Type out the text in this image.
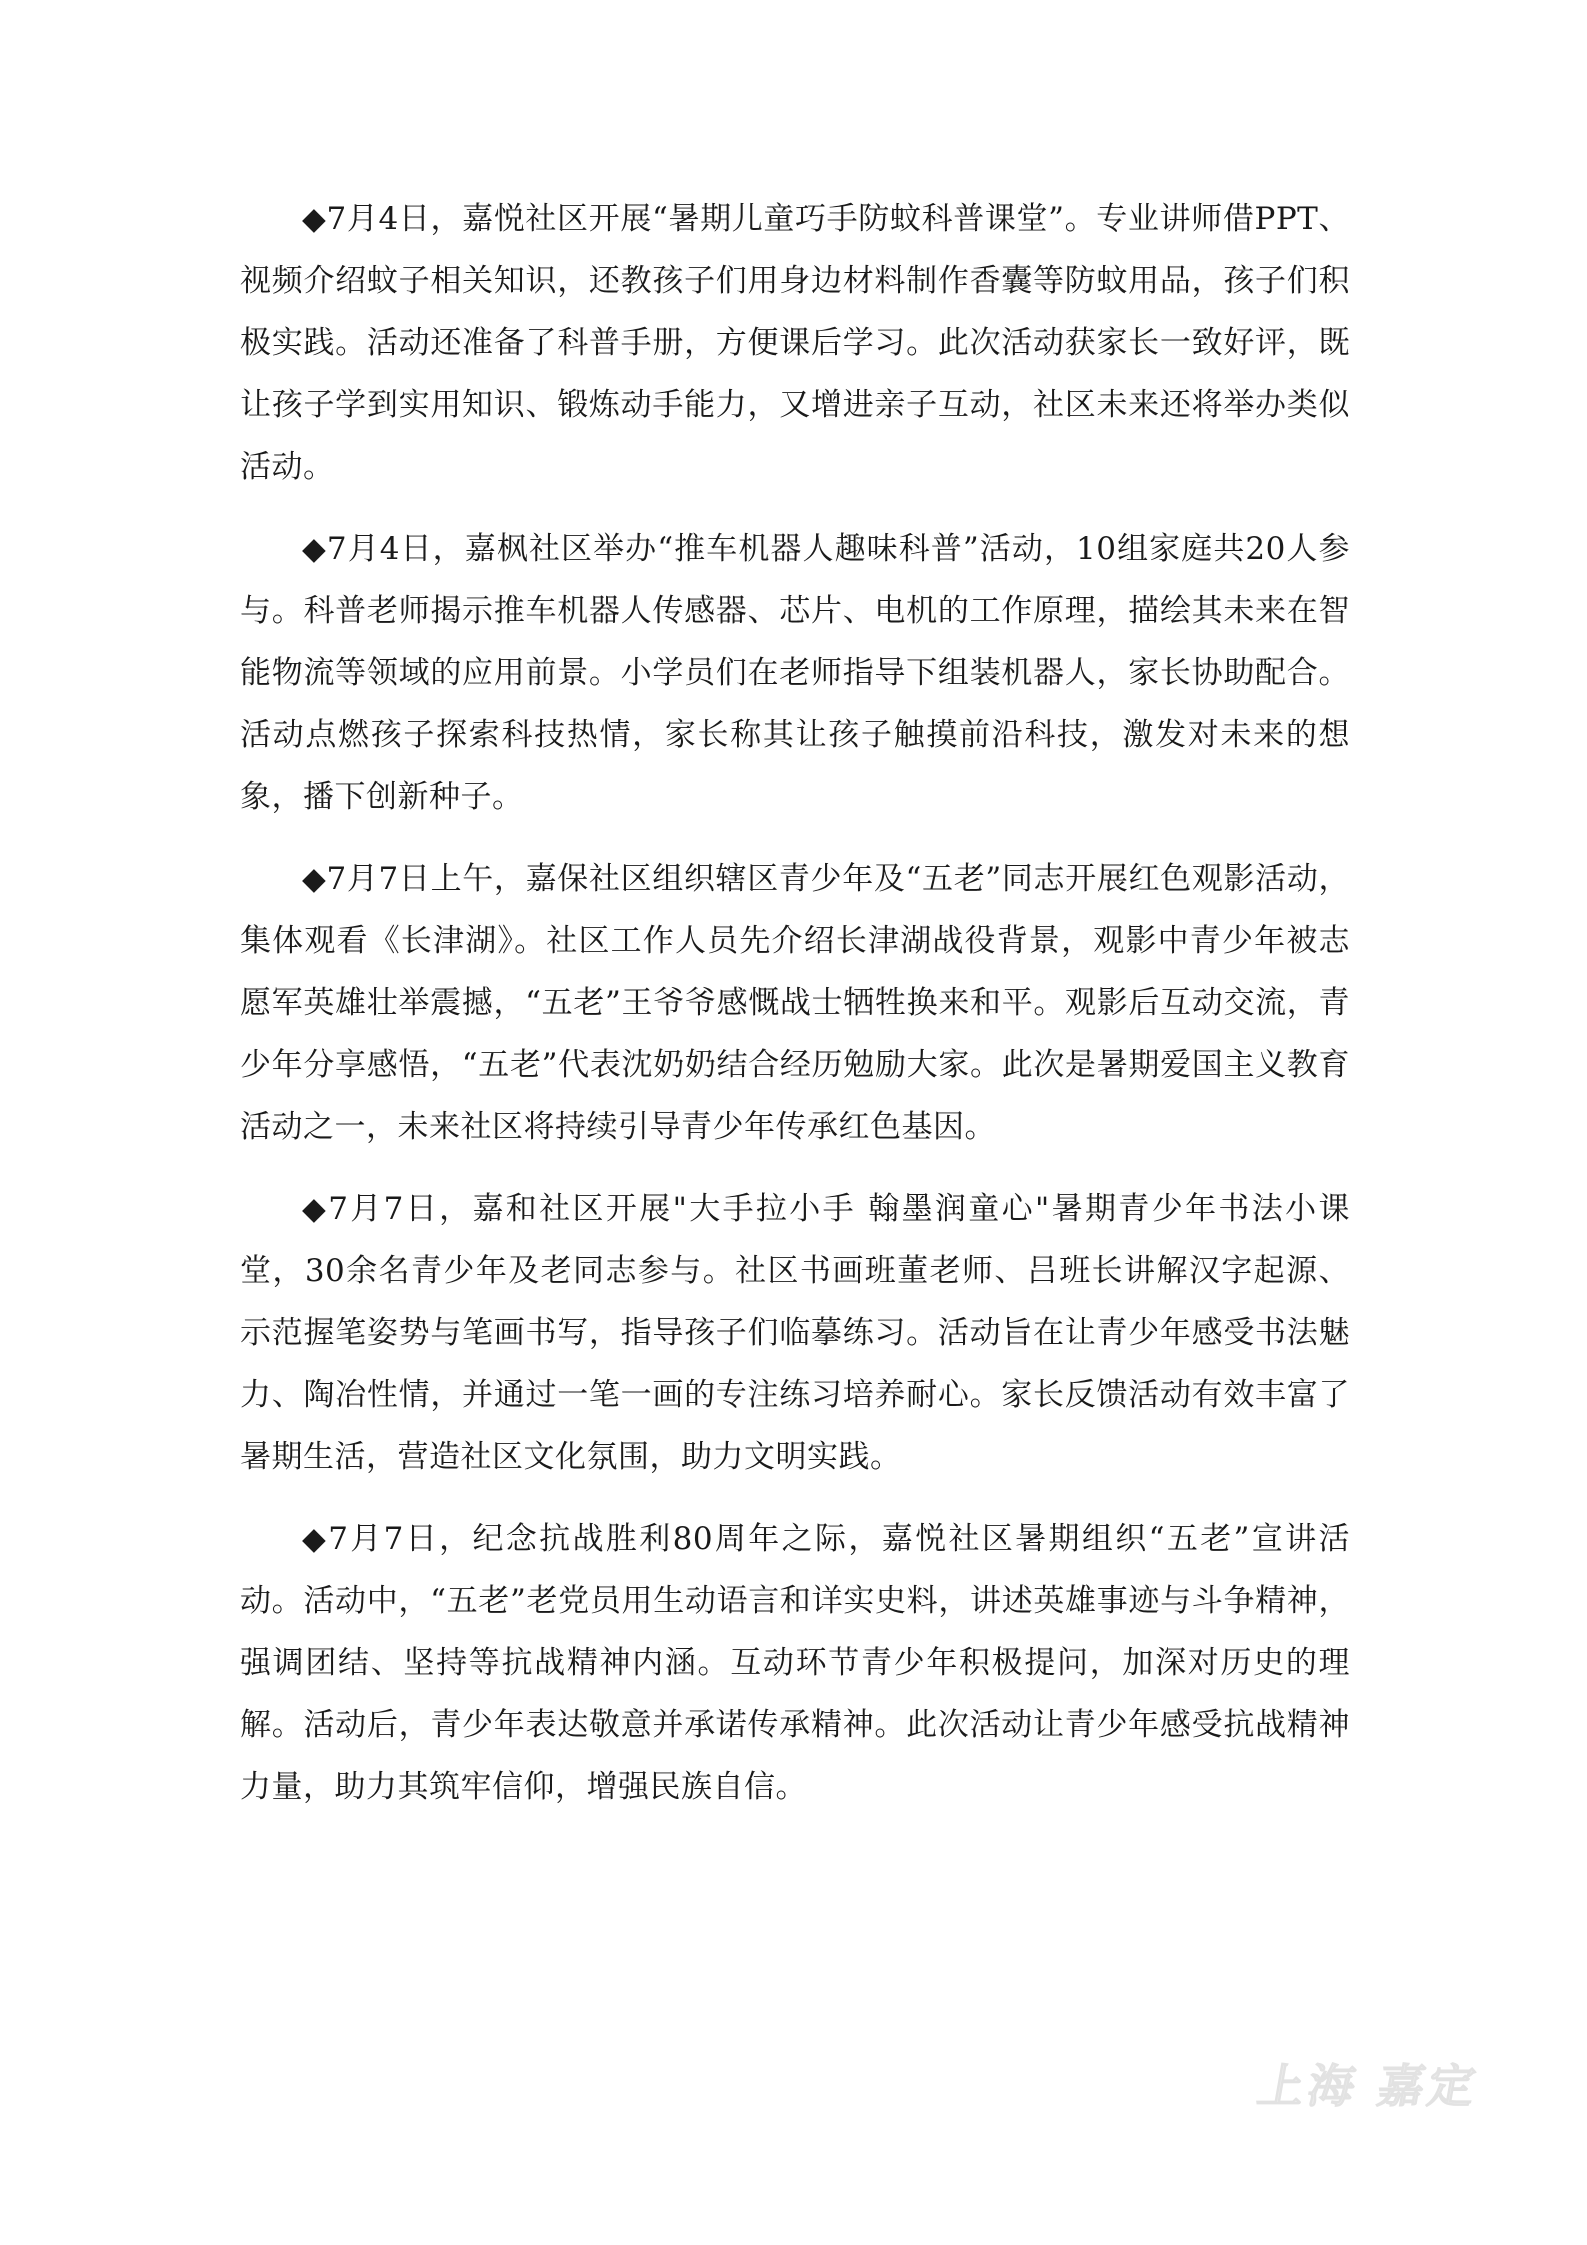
◆7月4日，嘉悦社区开展“暑期儿童巧手防蚊科普课堂”。专业讲师借PPT、视频介绍蚊子相关知识，还教孩子们用身边材料制作香囊等防蚊用品，孩子们积极实践。活动还准备了科普手册，方便课后学习。此次活动获家长一致好评，既让孩子学到实用知识、锻炼动手能力，又增进亲子互动，社区未来还将举办类似活动。

◆7月4日，嘉枫社区举办“推车机器人趣味科普”活动，10组家庭共20人参与。科普老师揭示推车机器人传感器、芯片、电机的工作原理，描绘其未来在智能物流等领域的应用前景。小学员们在老师指导下组装机器人，家长协助配合。活动点燃孩子探索科技热情，家长称其让孩子触摸前沿科技，激发对未来的想象，播下创新种子。

◆7月7日上午，嘉保社区组织辖区青少年及“五老”同志开展红色观影活动，集体观看《长津湖》。社区工作人员先介绍长津湖战役背景，观影中青少年被志愿军英雄壮举震撼，“五老”王爷爷感慨战士牺牲换来和平。观影后互动交流，青少年分享感悟，“五老”代表沈奶奶结合经历勉励大家。此次是暑期爱国主义教育活动之一，未来社区将持续引导青少年传承红色基因。

◆7月7日，嘉和社区开展"大手拉小手 翰墨润童心"暑期青少年书法小课堂，30余名青少年及老同志参与。社区书画班董老师、吕班长讲解汉字起源、示范握笔姿势与笔画书写，指导孩子们临摹练习。活动旨在让青少年感受书法魅力、陶冶性情，并通过一笔一画的专注练习培养耐心。家长反馈活动有效丰富了暑期生活，营造社区文化氛围，助力文明实践。

◆7月7日，纪念抗战胜利80周年之际，嘉悦社区暑期组织“五老”宣讲活动。活动中，“五老”老党员用生动语言和详实史料，讲述英雄事迹与斗争精神，强调团结、坚持等抗战精神内涵。互动环节青少年积极提问，加深对历史的理解。活动后，青少年表达敬意并承诺传承精神。此次活动让青少年感受抗战精神力量，助力其筑牢信仰，增强民族自信。

上海 嘉定
